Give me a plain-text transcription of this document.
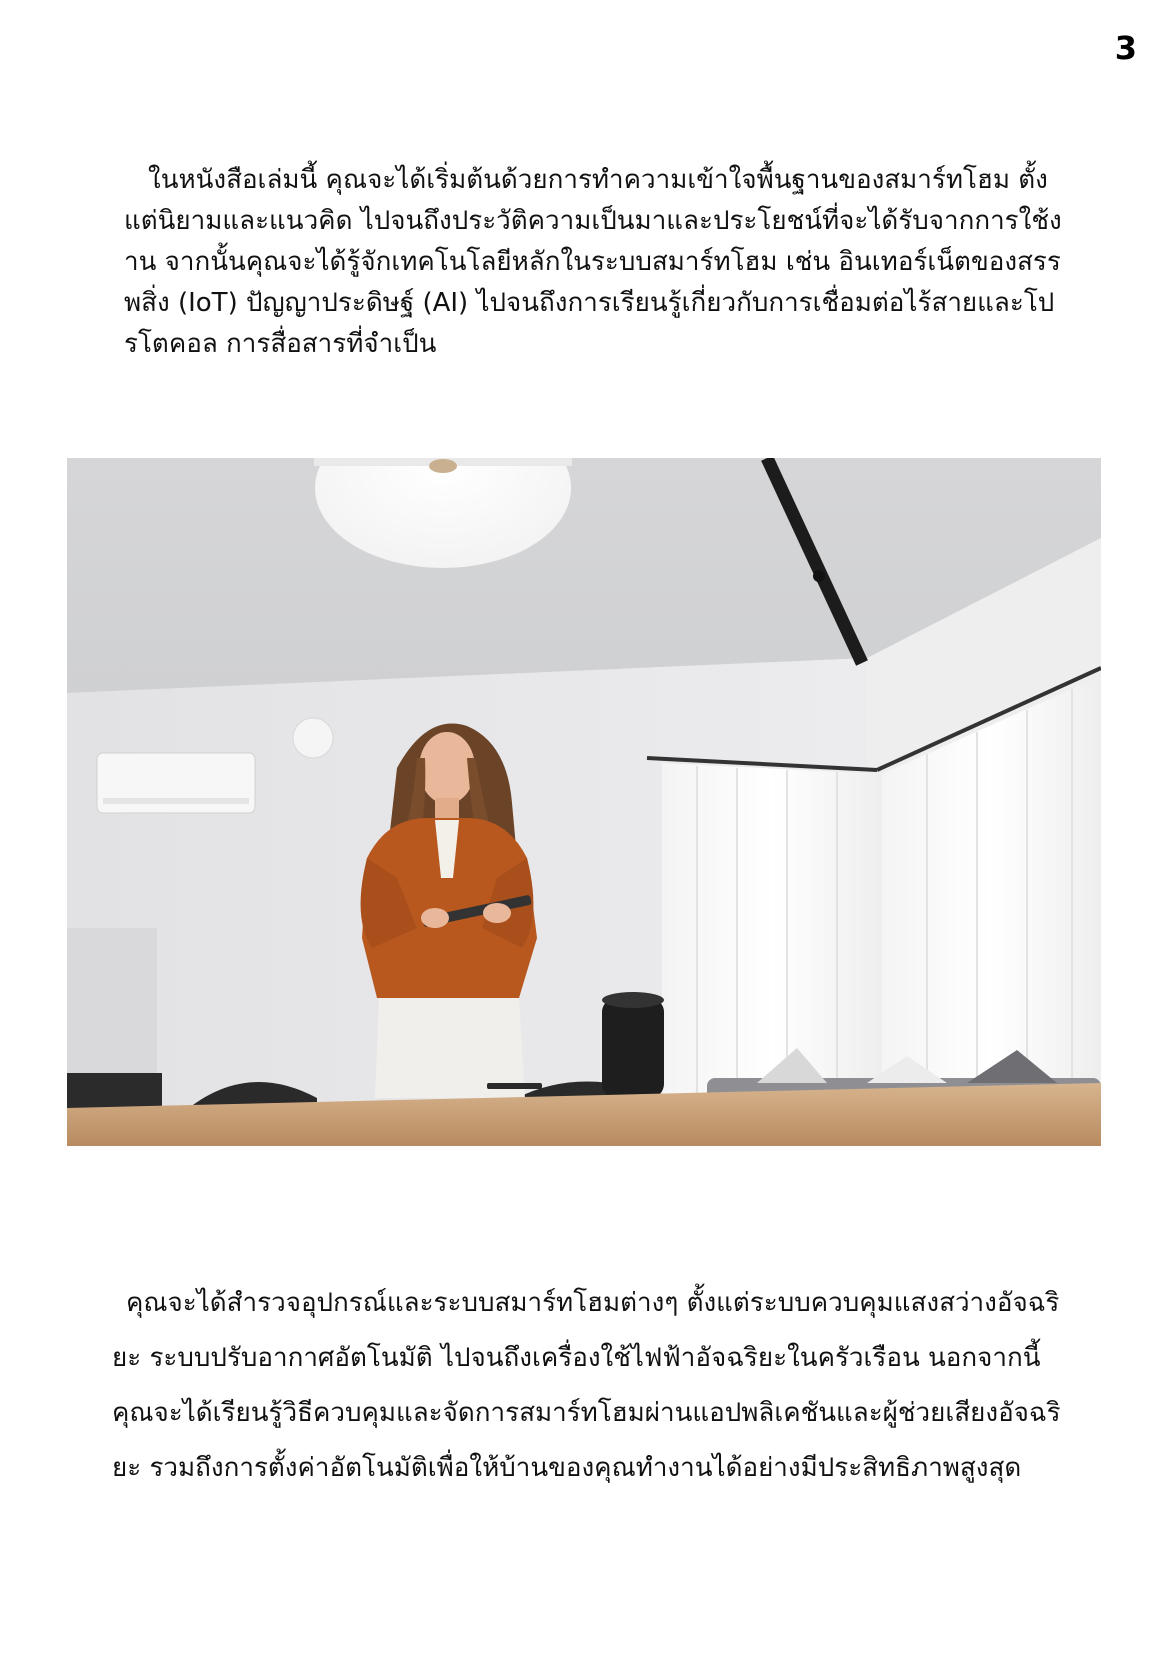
3

ในหนังสือเล่มนี้ คุณจะได้เริ่มต้นด้วยการทำความเข้าใจพื้นฐานของสมาร์ทโฮม ตั้งแต่นิยามและแนวคิด ไปจนถึงประวัติความเป็นมาและประโยชน์ที่จะได้รับจากการใช้งาน จากนั้นคุณจะได้รู้จักเทคโนโลยีหลักในระบบสมาร์ทโฮม เช่น อินเทอร์เน็ตของสรรพสิ่ง (IoT) ปัญญาประดิษฐ์ (AI) ไปจนถึงการเรียนรู้เกี่ยวกับการเชื่อมต่อไร้สายและโปรโตคอล การสื่อสารที่จำเป็น

คุณจะได้สำรวจอุปกรณ์และระบบสมาร์ทโฮมต่างๆ ตั้งแต่ระบบควบคุมแสงสว่างอัจฉริยะ ระบบปรับอากาศอัตโนมัติ ไปจนถึงเครื่องใช้ไฟฟ้าอัจฉริยะในครัวเรือน นอกจากนี้ คุณจะได้เรียนรู้วิธีควบคุมและจัดการสมาร์ทโฮมผ่านแอปพลิเคชันและผู้ช่วยเสียงอัจฉริยะ รวมถึงการตั้งค่าอัตโนมัติเพื่อให้บ้านของคุณทำงานได้อย่างมีประสิทธิภาพสูงสุด
